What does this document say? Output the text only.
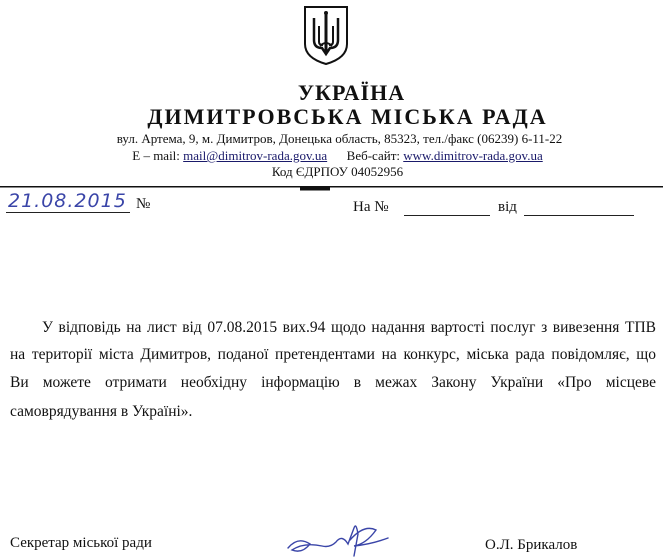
УКРАЇНА
ДИМИТРОВСЬКА МІСЬКА РАДА
вул. Артема, 9, м. Димитров, Донецька область, 85323, тел./факс (06239) 6-11-22
Е – mail: mail@dimitrov-rada.gov.ua Веб-сайт: www.dimitrov-rada.gov.ua
Код ЄДРПОУ 04052956
21.08.2015 №	На №	від
У відповідь на лист від 07.08.2015 вих.94 щодо надання вартості послуг з вивезення ТПВ
на території міста Димитров, поданої претендентами на конкурс, міська рада повідомляє, що
Ви можете отримати необхідну інформацію в межах Закону України «Про місцеве
самоврядування в Україні».
Секретар міської ради	О.Л. Брикалов
